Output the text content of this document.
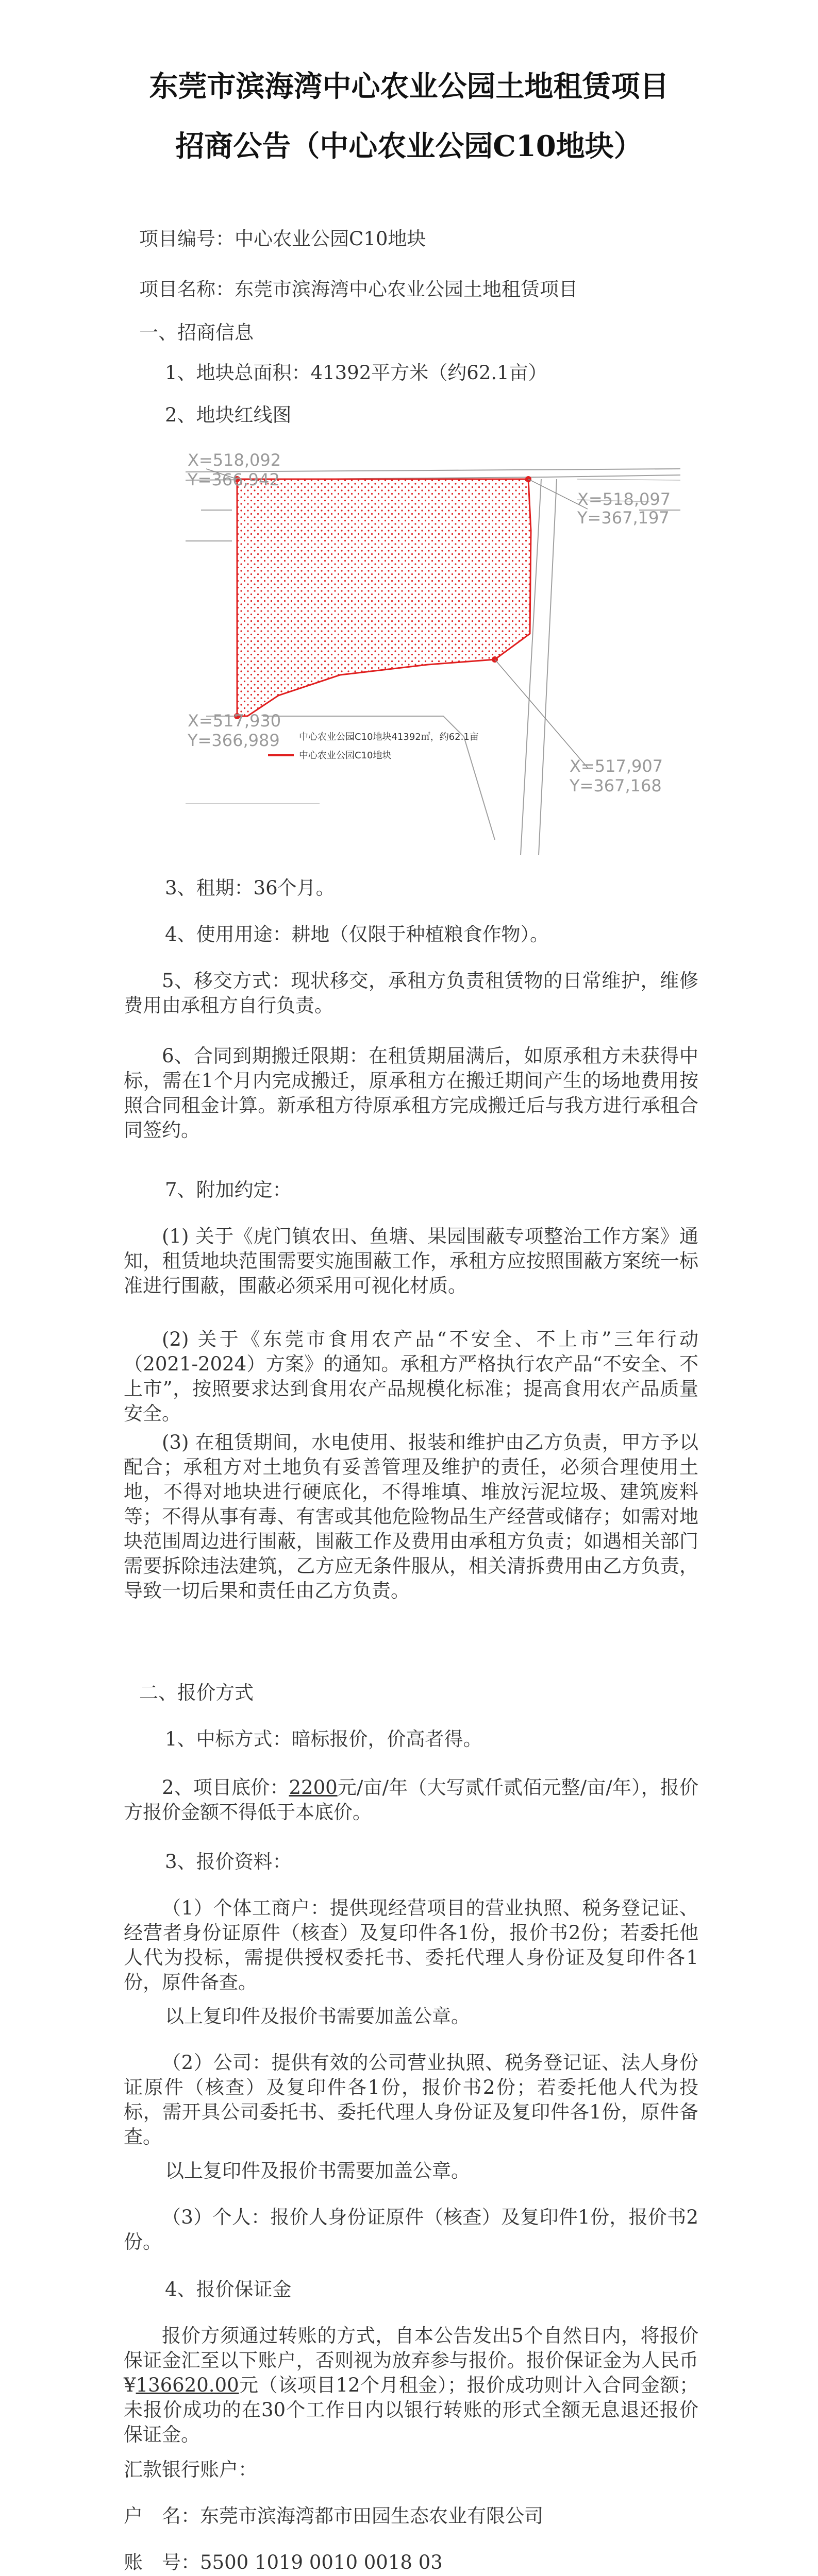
东莞市滨海湾中心农业公园土地租赁项目
招商公告（中心农业公园C10地块）
项目编号：中心农业公园C10地块
项目名称：东莞市滨海湾中心农业公园土地租赁项目
一、招商信息
1、地块总面积：41392平方米（约62.1亩）
2、地块红线图
X=518,092
Y=366,942
X=518,097
Y=367,197
X=517,930
Y=366,989
X=517,907
Y=367,168
中心农业公园C10地块41392㎡，约62.1亩
中心农业公园C10地块
3、租期：36个月。
4、使用用途：耕地（仅限于种植粮食作物）。
5、移交方式：现状移交，承租方负责租赁物的日常维护，维修费用由承租方自行负责。
6、合同到期搬迁限期：在租赁期届满后，如原承租方未获得中标，需在1个月内完成搬迁，原承租方在搬迁期间产生的场地费用按照合同租金计算。新承租方待原承租方完成搬迁后与我方进行承租合同签约。
7、附加约定：
(1) 关于《虎门镇农田、鱼塘、果园围蔽专项整治工作方案》通知，租赁地块范围需要实施围蔽工作，承租方应按照围蔽方案统一标准进行围蔽，围蔽必须采用可视化材质。
(2) 关于《东莞市食用农产品“不安全、不上市”三年行动（2021-2024）方案》的通知。承租方严格执行农产品“不安全、不上市”，按照要求达到食用农产品规模化标准；提高食用农产品质量安全。
(3) 在租赁期间，水电使用、报装和维护由乙方负责，甲方予以配合；承租方对土地负有妥善管理及维护的责任，必须合理使用土地，不得对地块进行硬底化，不得堆填、堆放污泥垃圾、建筑废料等；不得从事有毒、有害或其他危险物品生产经营或储存；如需对地块范围周边进行围蔽，围蔽工作及费用由承租方负责；如遇相关部门需要拆除违法建筑，乙方应无条件服从，相关清拆费用由乙方负责，导致一切后果和责任由乙方负责。
二、报价方式
1、中标方式：暗标报价，价高者得。
2、项目底价：2200元/亩/年（大写贰仟贰佰元整/亩/年），报价方报价金额不得低于本底价。
3、报价资料：
（1）个体工商户：提供现经营项目的营业执照、税务登记证、经营者身份证原件（核查）及复印件各1份，报价书2份；若委托他人代为投标，需提供授权委托书、委托代理人身份证及复印件各1份，原件备查。
以上复印件及报价书需要加盖公章。
（2）公司：提供有效的公司营业执照、税务登记证、法人身份证原件（核查）及复印件各1份，报价书2份；若委托他人代为投标，需开具公司委托书、委托代理人身份证及复印件各1份，原件备查。
以上复印件及报价书需要加盖公章。
（3）个人：报价人身份证原件（核查）及复印件1份，报价书2份。
4、报价保证金
报价方须通过转账的方式，自本公告发出5个自然日内，将报价保证金汇至以下账户，否则视为放弃参与报价。报价保证金为人民币¥136620.00元（该项目12个月租金）；报价成功则计入合同金额；未报价成功的在30个工作日内以银行转账的形式全额无息退还报价保证金。
汇款银行账户：
户　名：东莞市滨海湾都市田园生态农业有限公司
账　号：5500 1019 0010 0018 03
